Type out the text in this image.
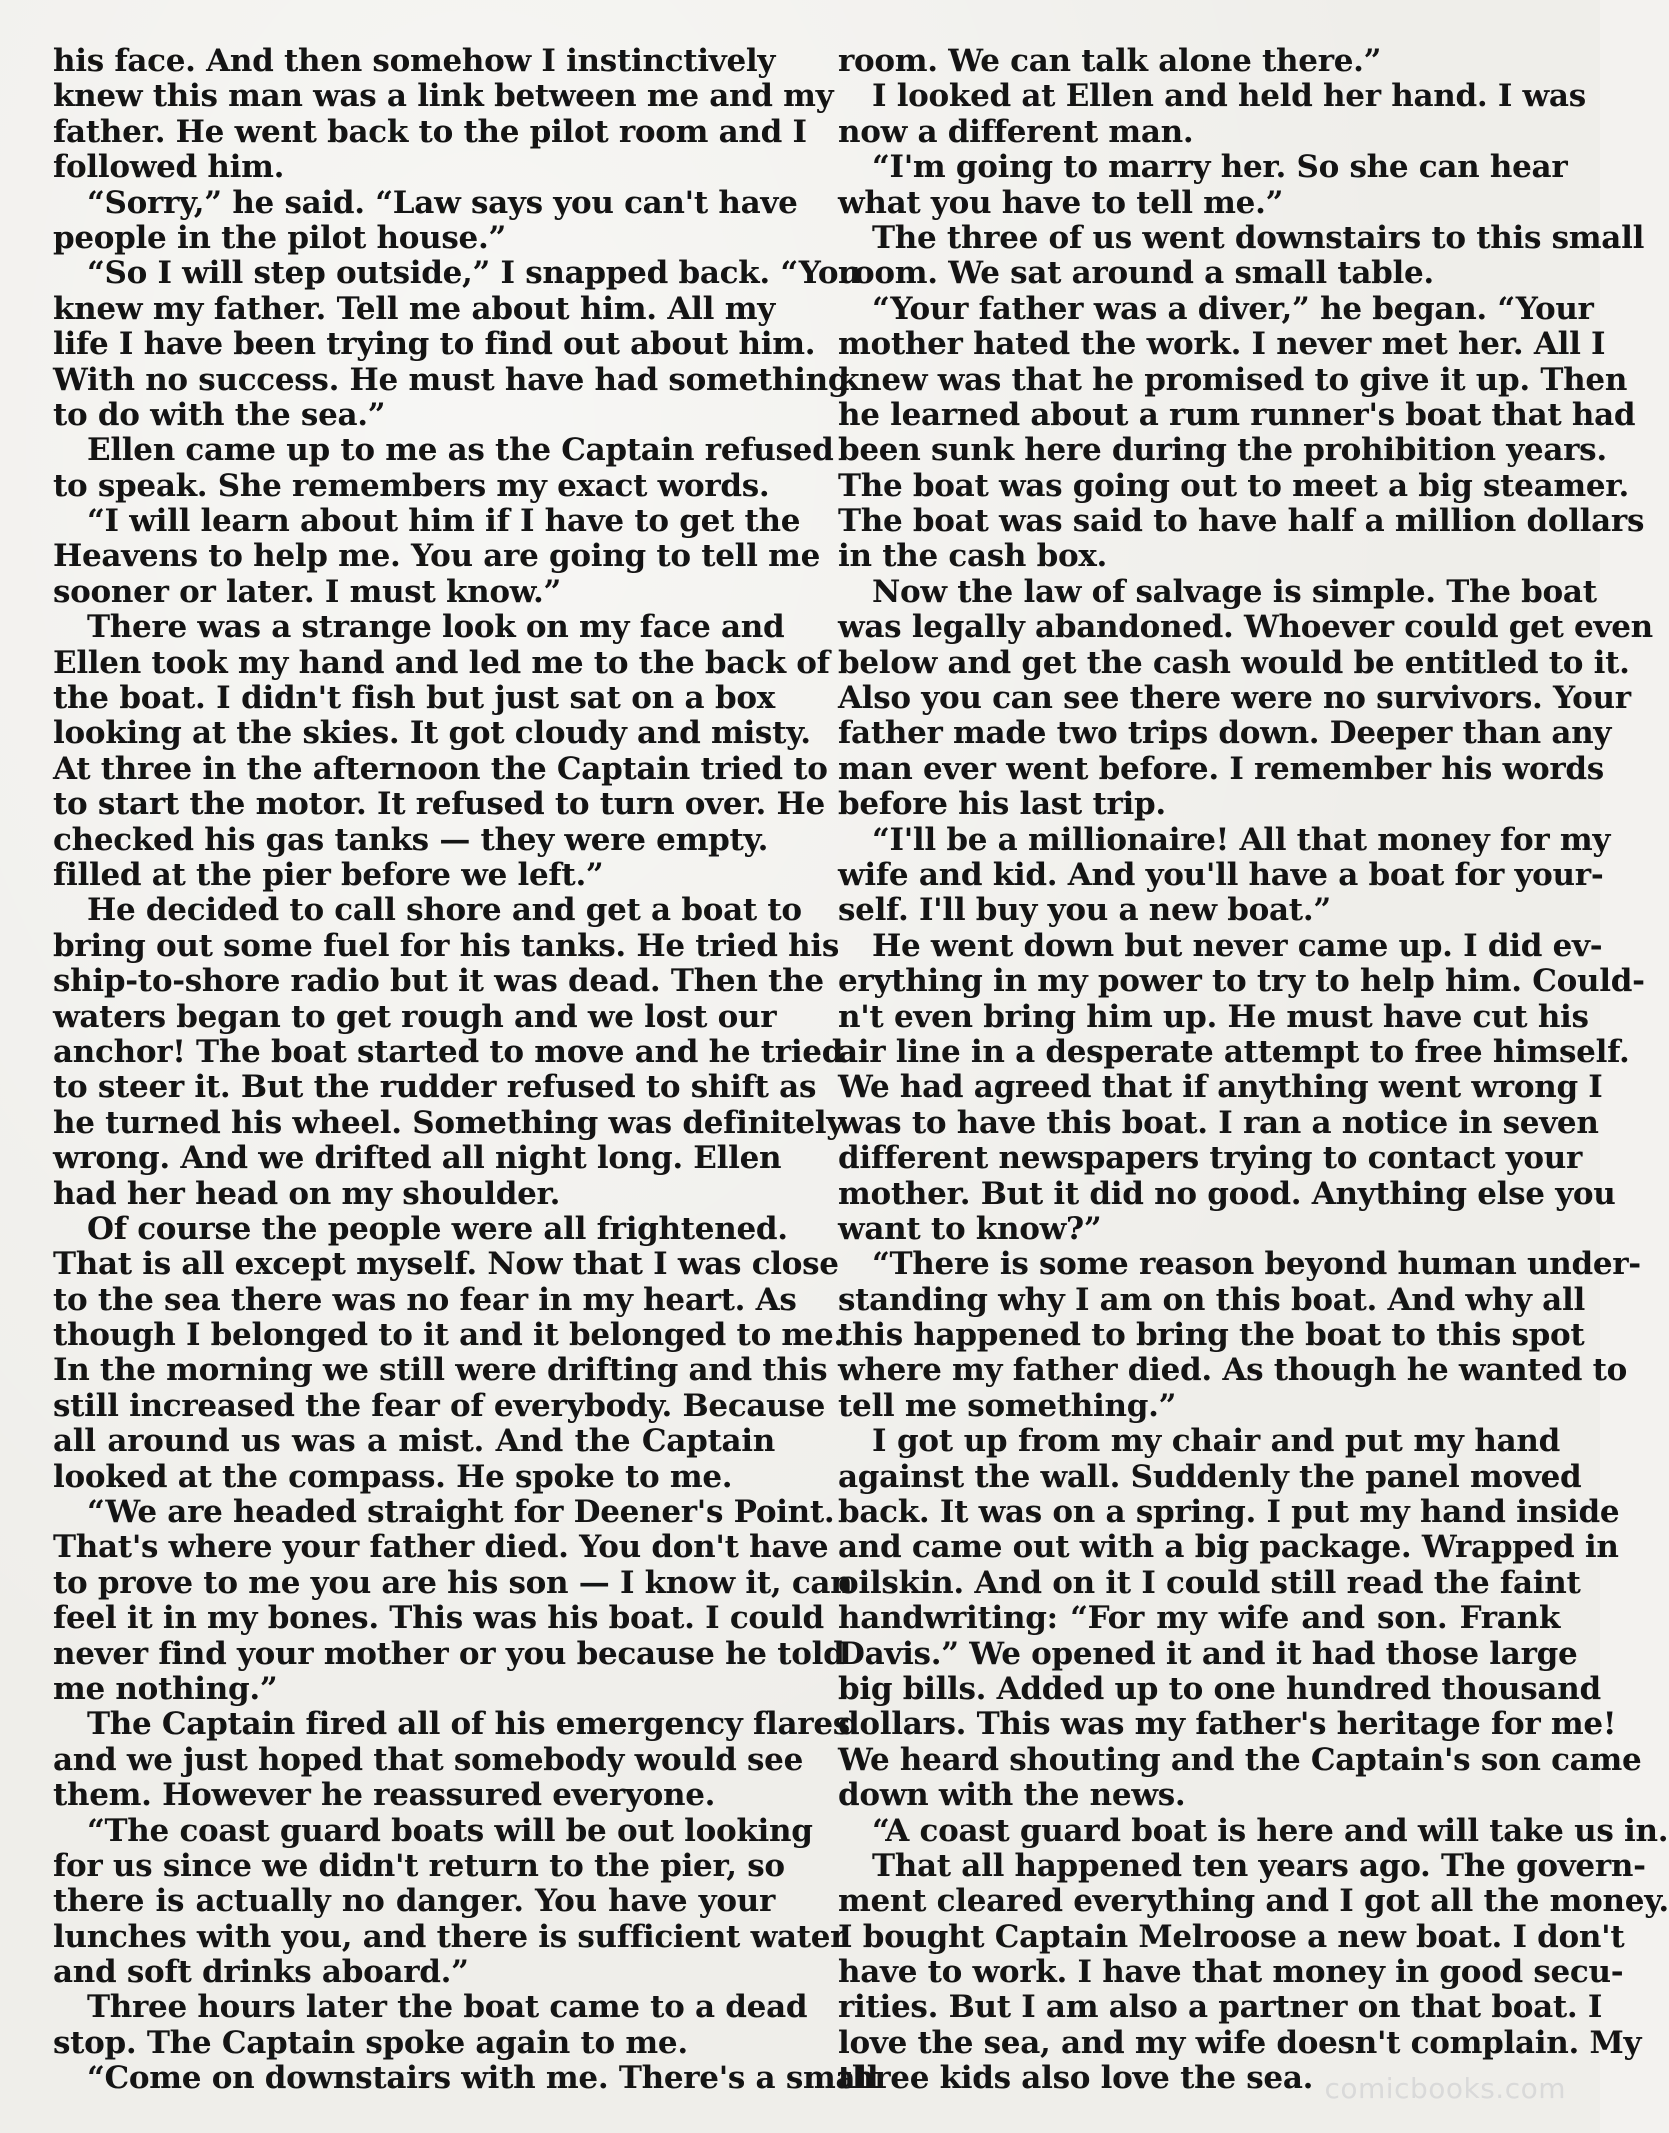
his face. And then somehow I instinctively
knew this man was a link between me and my
father. He went back to the pilot room and I
followed him.
“Sorry,” he said. “Law says you can't have
people in the pilot house.”
“So I will step outside,” I snapped back. “You
knew my father. Tell me about him. All my
life I have been trying to find out about him.
With no success. He must have had something
to do with the sea.”
Ellen came up to me as the Captain refused
to speak. She remembers my exact words.
“I will learn about him if I have to get the
Heavens to help me. You are going to tell me
sooner or later. I must know.”
There was a strange look on my face and
Ellen took my hand and led me to the back of
the boat. I didn't fish but just sat on a box
looking at the skies. It got cloudy and misty.
At three in the afternoon the Captain tried to
to start the motor. It refused to turn over. He
checked his gas tanks — they were empty.
filled at the pier before we left.”
He decided to call shore and get a boat to
bring out some fuel for his tanks. He tried his
ship-to-shore radio but it was dead. Then the
waters began to get rough and we lost our
anchor! The boat started to move and he tried
to steer it. But the rudder refused to shift as
he turned his wheel. Something was definitely
wrong. And we drifted all night long. Ellen
had her head on my shoulder.
Of course the people were all frightened.
That is all except myself. Now that I was close
to the sea there was no fear in my heart. As
though I belonged to it and it belonged to me.
In the morning we still were drifting and this
still increased the fear of everybody. Because
all around us was a mist. And the Captain
looked at the compass. He spoke to me.
“We are headed straight for Deener's Point.
That's where your father died. You don't have
to prove to me you are his son — I know it, can
feel it in my bones. This was his boat. I could
never find your mother or you because he told
me nothing.”
The Captain fired all of his emergency flares
and we just hoped that somebody would see
them. However he reassured everyone.
“The coast guard boats will be out looking
for us since we didn't return to the pier, so
there is actually no danger. You have your
lunches with you, and there is sufficient water
and soft drinks aboard.”
Three hours later the boat came to a dead
stop. The Captain spoke again to me.
“Come on downstairs with me. There's a small
room. We can talk alone there.”
I looked at Ellen and held her hand. I was
now a different man.
“I'm going to marry her. So she can hear
what you have to tell me.”
The three of us went downstairs to this small
room. We sat around a small table.
“Your father was a diver,” he began. “Your
mother hated the work. I never met her. All I
knew was that he promised to give it up. Then
he learned about a rum runner's boat that had
been sunk here during the prohibition years.
The boat was going out to meet a big steamer.
The boat was said to have half a million dollars
in the cash box.
Now the law of salvage is simple. The boat
was legally abandoned. Whoever could get even
below and get the cash would be entitled to it.
Also you can see there were no survivors. Your
father made two trips down. Deeper than any
man ever went before. I remember his words
before his last trip.
“I'll be a millionaire! All that money for my
wife and kid. And you'll have a boat for your-
self. I'll buy you a new boat.”
He went down but never came up. I did ev-
erything in my power to try to help him. Could-
n't even bring him up. He must have cut his
air line in a desperate attempt to free himself.
We had agreed that if anything went wrong I
was to have this boat. I ran a notice in seven
different newspapers trying to contact your
mother. But it did no good. Anything else you
want to know?”
“There is some reason beyond human under-
standing why I am on this boat. And why all
this happened to bring the boat to this spot
where my father died. As though he wanted to
tell me something.”
I got up from my chair and put my hand
against the wall. Suddenly the panel moved
back. It was on a spring. I put my hand inside
and came out with a big package. Wrapped in
oilskin. And on it I could still read the faint
handwriting: “For my wife and son. Frank
Davis.” We opened it and it had those large
big bills. Added up to one hundred thousand
dollars. This was my father's heritage for me!
We heard shouting and the Captain's son came
down with the news.
“A coast guard boat is here and will take us in.
That all happened ten years ago. The govern-
ment cleared everything and I got all the money.
I bought Captain Melroose a new boat. I don't
have to work. I have that money in good secu-
rities. But I am also a partner on that boat. I
love the sea, and my wife doesn't complain. My
three kids also love the sea. comicbooks.com
